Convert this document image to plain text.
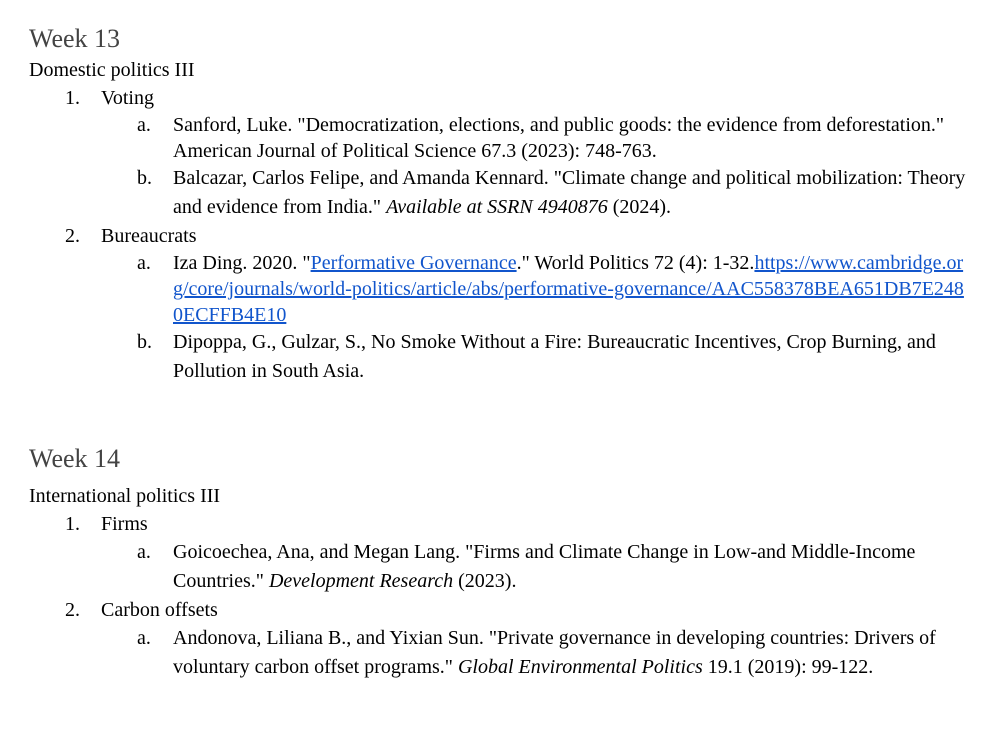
Week 13
Domestic politics III
1. Voting
a. Sanford, Luke. "Democratization, elections, and public goods: the evidence from deforestation." American Journal of Political Science 67.3 (2023): 748-763.
b. Balcazar, Carlos Felipe, and Amanda Kennard. "Climate change and political mobilization: Theory and evidence from India." Available at SSRN 4940876 (2024).
2. Bureaucrats
a. Iza Ding. 2020. "Performative Governance." World Politics 72 (4): 1-32.https://www.cambridge.org/core/journals/world-politics/article/abs/performative-governance/AAC558378BEA651DB7E2480ECFFB4E10
b. Dipoppa, G., Gulzar, S., No Smoke Without a Fire: Bureaucratic Incentives, Crop Burning, and Pollution in South Asia.
Week 14
International politics III
1. Firms
a. Goicoechea, Ana, and Megan Lang. "Firms and Climate Change in Low-and Middle-Income Countries." Development Research (2023).
2. Carbon offsets
a. Andonova, Liliana B., and Yixian Sun. "Private governance in developing countries: Drivers of voluntary carbon offset programs." Global Environmental Politics 19.1 (2019): 99-122.
